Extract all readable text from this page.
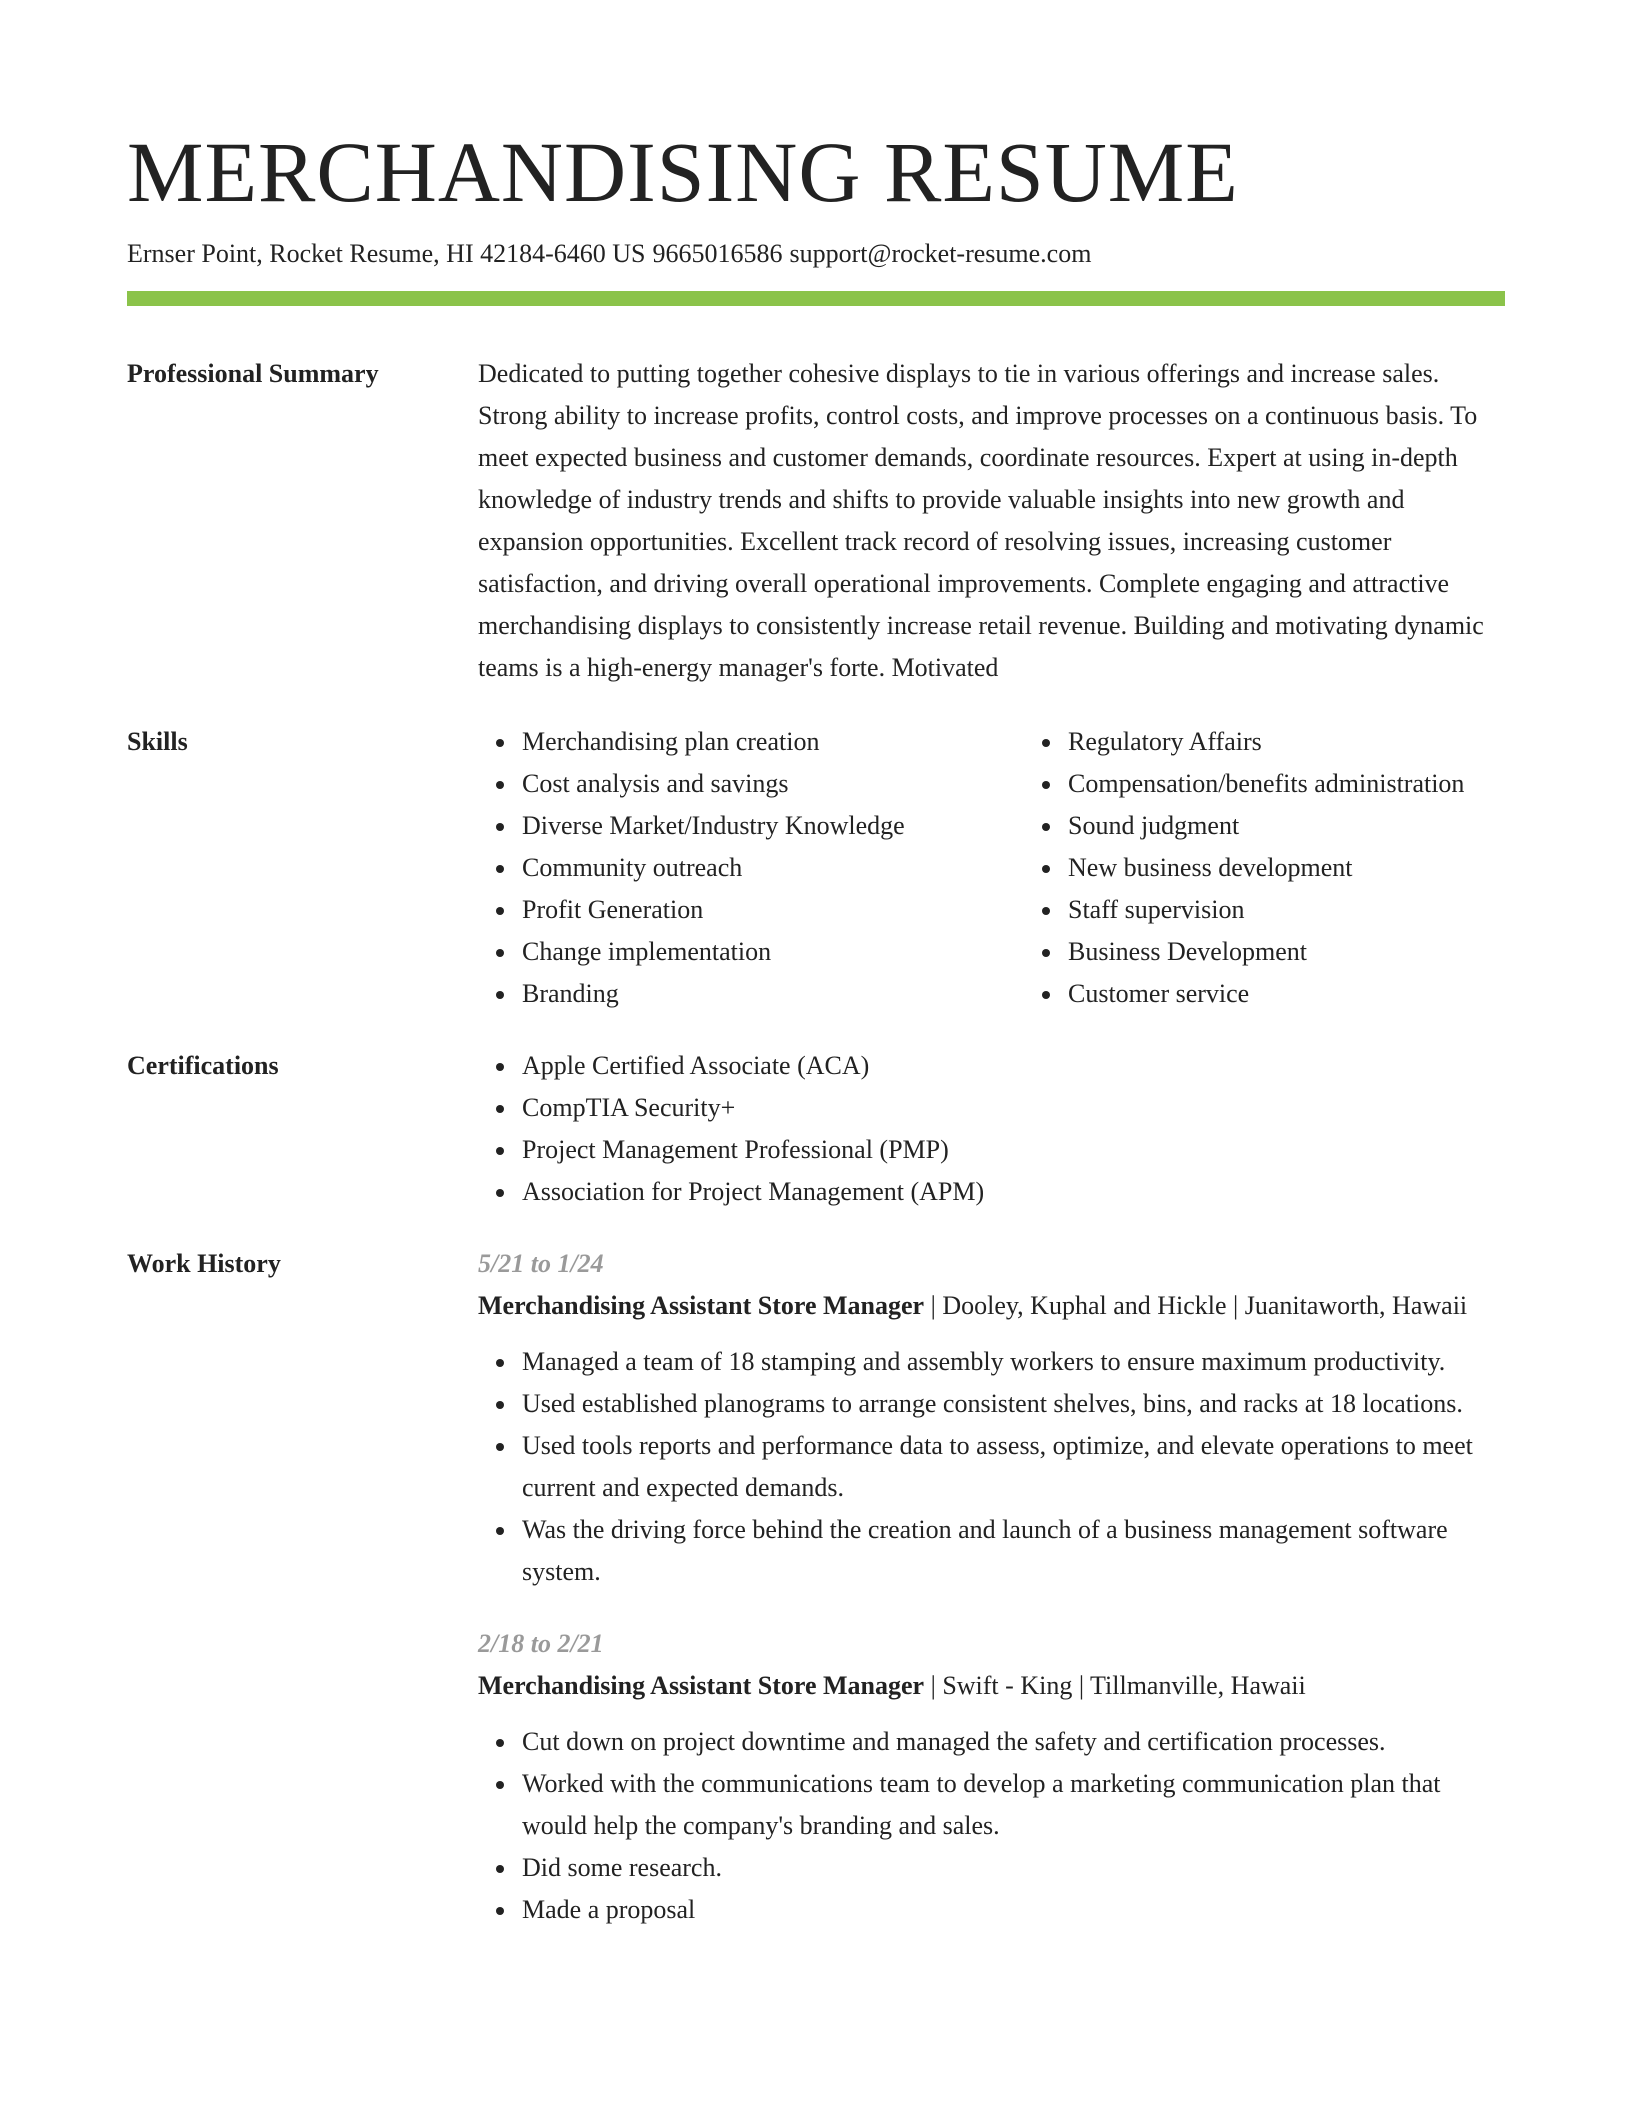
MERCHANDISING RESUME
Ernser Point, Rocket Resume, HI 42184-6460 US 9665016586 support@rocket-resume.com
Professional Summary	Dedicated to putting together cohesive displays to tie in various offerings and increase sales. Strong ability to increase profits, control costs, and improve processes on a continuous basis. To meet expected business and customer demands, coordinate resources. Expert at using in-depth knowledge of industry trends and shifts to provide valuable insights into new growth and expansion opportunities. Excellent track record of resolving issues, increasing customer satisfaction, and driving overall operational improvements. Complete engaging and attractive merchandising displays to consistently increase retail revenue. Building and motivating dynamic teams is a high-energy manager's forte. Motivated

Skills	Merchandising plan creation
Cost analysis and savings
Diverse Market/Industry Knowledge
Community outreach
Profit Generation
Change implementation
Branding
Regulatory Affairs
Compensation/benefits administration
Sound judgment
New business development
Staff supervision
Business Development
Customer service
Certifications	Apple Certified Associate (ACA)
CompTIA Security+
Project Management Professional (PMP)
Association for Project Management (APM)
Work History	5/21 to 1/24
Merchandising Assistant Store Manager | Dooley, Kuphal and Hickle | Juanitaworth, Hawaii
Managed a team of 18 stamping and assembly workers to ensure maximum productivity.
Used established planograms to arrange consistent shelves, bins, and racks at 18 locations.
Used tools reports and performance data to assess, optimize, and elevate operations to meet current and expected demands.
Was the driving force behind the creation and launch of a business management software system.
2/18 to 2/21
Merchandising Assistant Store Manager | Swift - King | Tillmanville, Hawaii
Cut down on project downtime and managed the safety and certification processes.
Worked with the communications team to develop a marketing communication plan that would help the company's branding and sales.
Did some research.
Made a proposal
